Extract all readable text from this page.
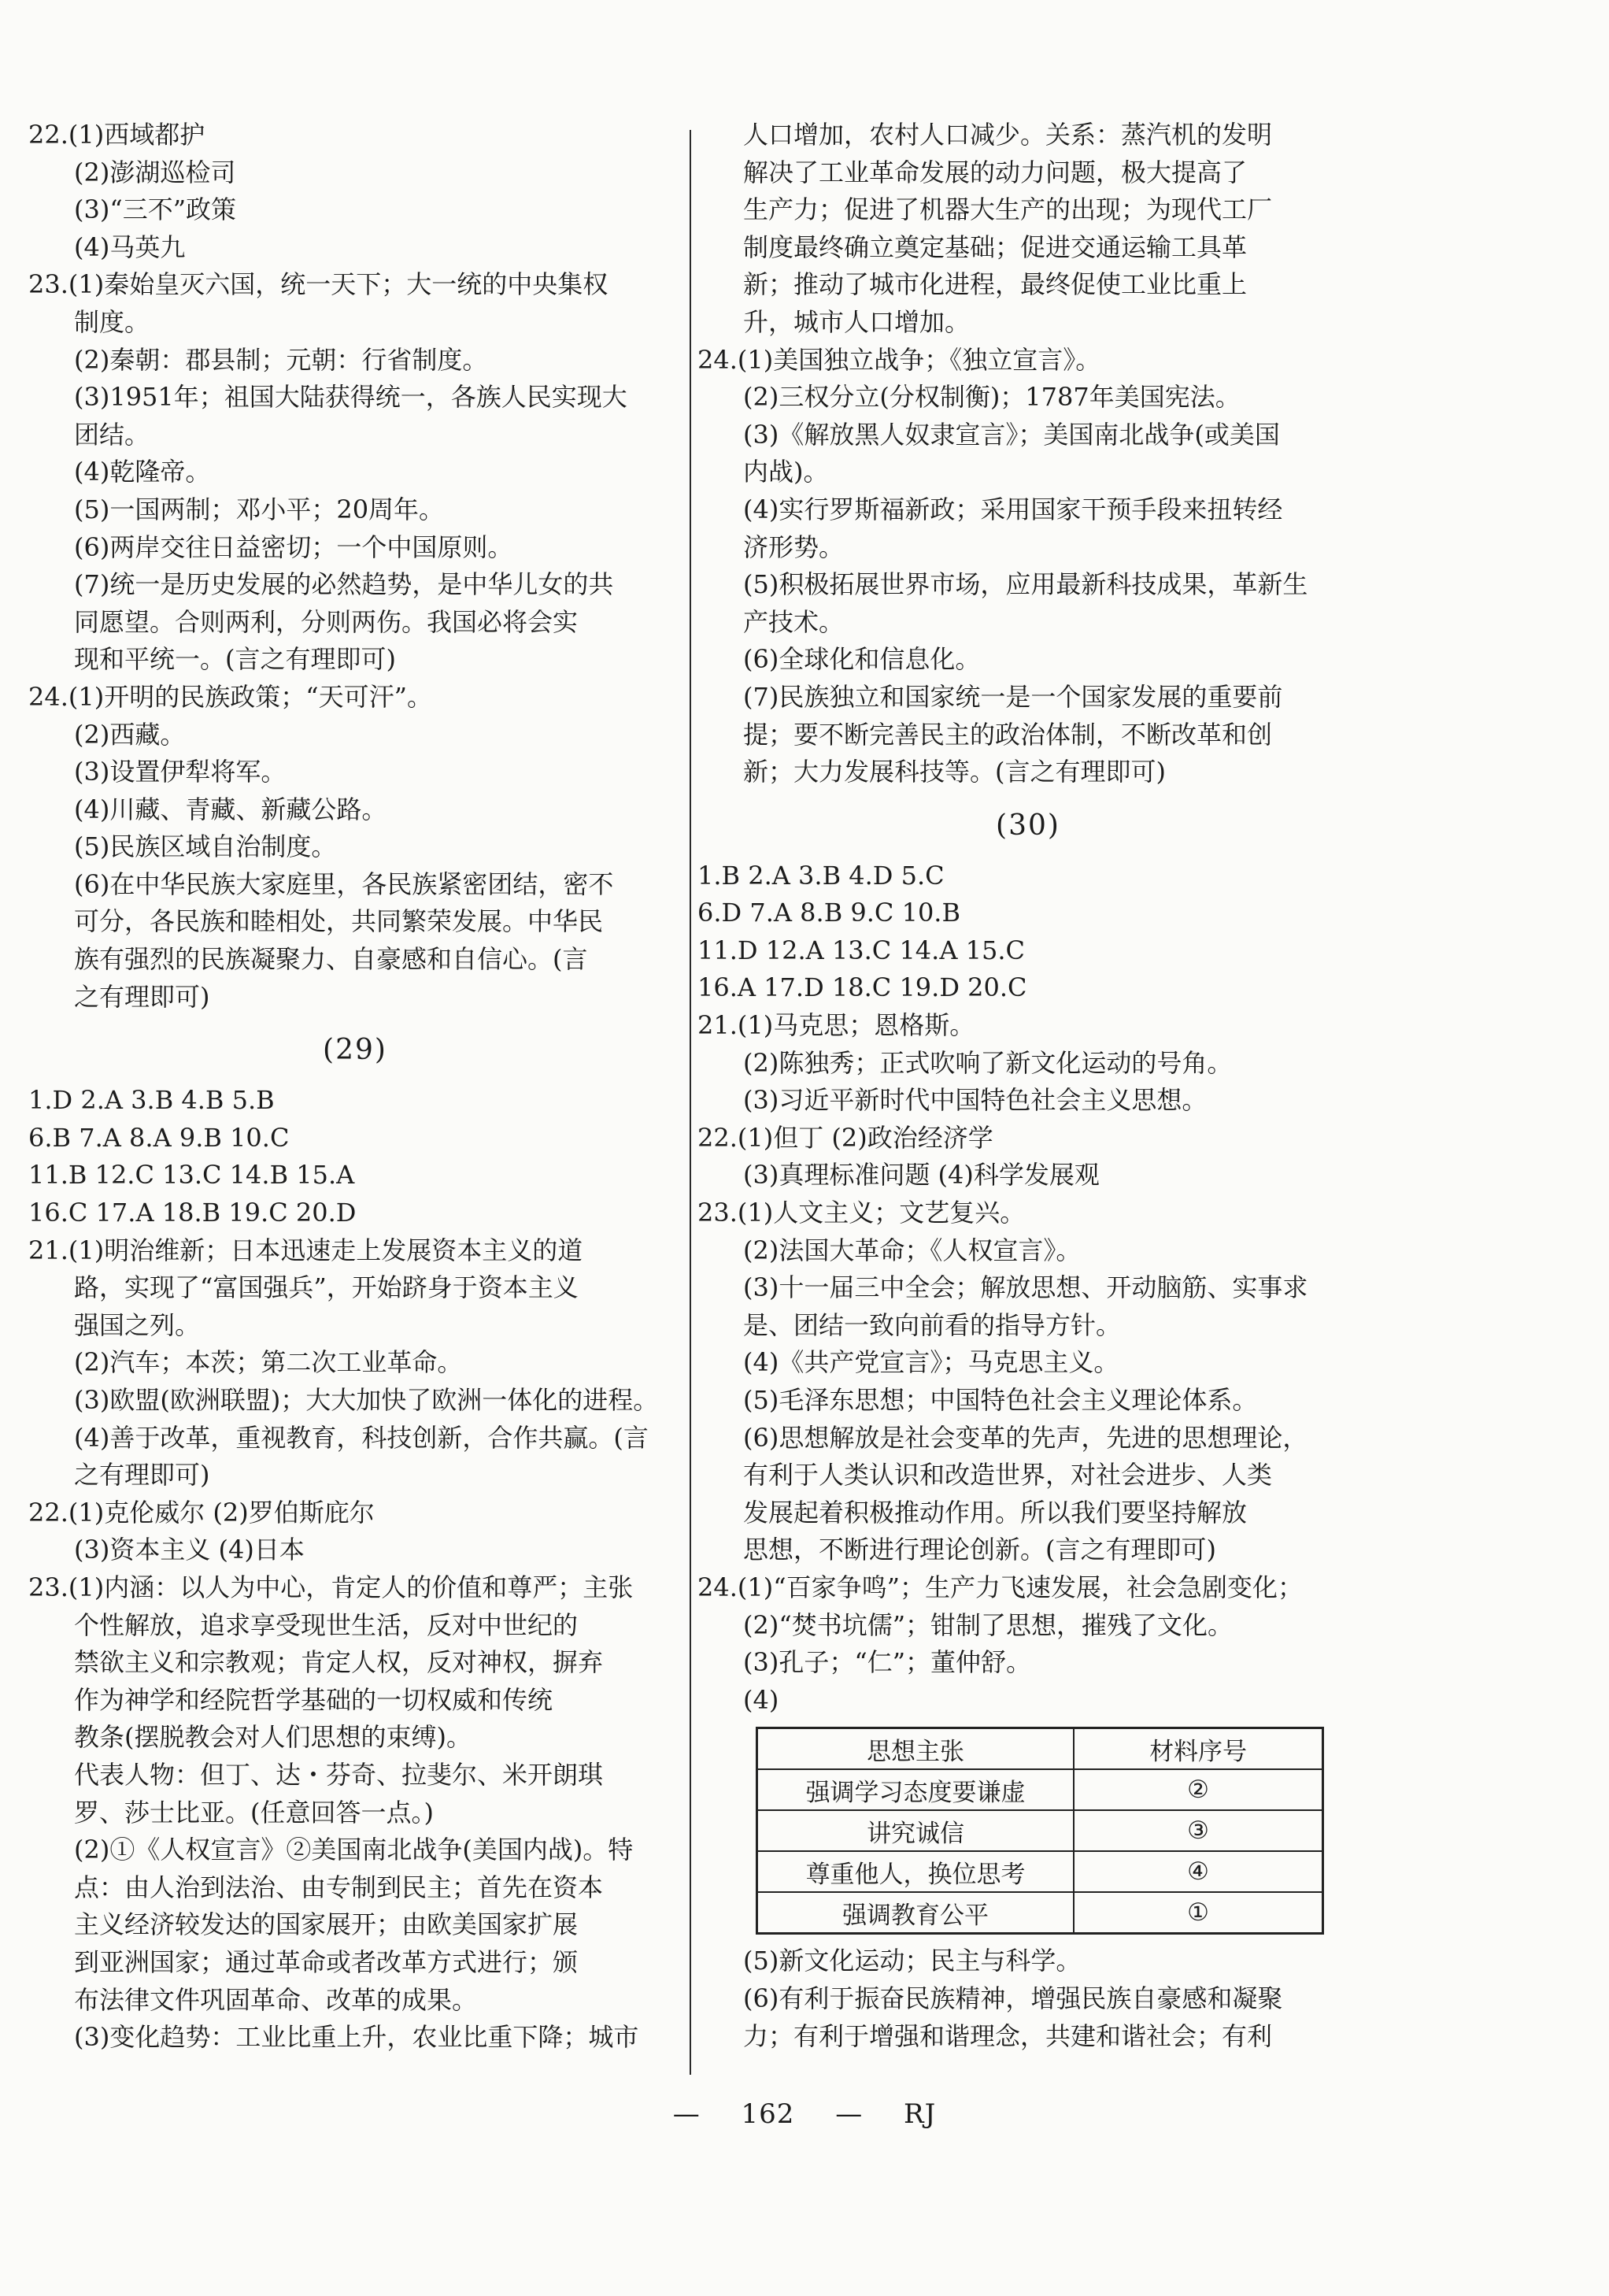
22.(1)西域都护
(2)澎湖巡检司
(3)“三不”政策
(4)马英九
23.(1)秦始皇灭六国，统一天下；大一统的中央集权
制度。
(2)秦朝：郡县制；元朝：行省制度。
(3)1951年；祖国大陆获得统一，各族人民实现大
团结。
(4)乾隆帝。
(5)一国两制；邓小平；20周年。
(6)两岸交往日益密切；一个中国原则。
(7)统一是历史发展的必然趋势，是中华儿女的共
同愿望。合则两利，分则两伤。我国必将会实
现和平统一。(言之有理即可)
24.(1)开明的民族政策；“天可汗”。
(2)西藏。
(3)设置伊犁将军。
(4)川藏、青藏、新藏公路。
(5)民族区域自治制度。
(6)在中华民族大家庭里，各民族紧密团结，密不
可分，各民族和睦相处，共同繁荣发展。中华民
族有强烈的民族凝聚力、自豪感和自信心。(言
之有理即可)
(29)
1.D 2.A 3.B 4.B 5.B
6.B 7.A 8.A 9.B 10.C
11.B 12.C 13.C 14.B 15.A
16.C 17.A 18.B 19.C 20.D
21.(1)明治维新；日本迅速走上发展资本主义的道
路，实现了“富国强兵”，开始跻身于资本主义
强国之列。
(2)汽车；本茨；第二次工业革命。
(3)欧盟(欧洲联盟)；大大加快了欧洲一体化的进程。
(4)善于改革，重视教育，科技创新，合作共赢。(言
之有理即可)
22.(1)克伦威尔 (2)罗伯斯庇尔
(3)资本主义 (4)日本
23.(1)内涵：以人为中心，肯定人的价值和尊严；主张
个性解放，追求享受现世生活，反对中世纪的
禁欲主义和宗教观；肯定人权，反对神权，摒弃
作为神学和经院哲学基础的一切权威和传统
教条(摆脱教会对人们思想的束缚)。
代表人物：但丁、达・芬奇、拉斐尔、米开朗琪
罗、莎士比亚。(任意回答一点。)
(2)①《人权宣言》②美国南北战争(美国内战)。特
点：由人治到法治、由专制到民主；首先在资本
主义经济较发达的国家展开；由欧美国家扩展
到亚洲国家；通过革命或者改革方式进行；颁
布法律文件巩固革命、改革的成果。
(3)变化趋势：工业比重上升，农业比重下降；城市
人口增加，农村人口减少。关系：蒸汽机的发明
解决了工业革命发展的动力问题，极大提高了
生产力；促进了机器大生产的出现；为现代工厂
制度最终确立奠定基础；促进交通运输工具革
新；推动了城市化进程，最终促使工业比重上
升，城市人口增加。
24.(1)美国独立战争；《独立宣言》。
(2)三权分立(分权制衡)；1787年美国宪法。
(3)《解放黑人奴隶宣言》；美国南北战争(或美国
内战)。
(4)实行罗斯福新政；采用国家干预手段来扭转经
济形势。
(5)积极拓展世界市场，应用最新科技成果，革新生
产技术。
(6)全球化和信息化。
(7)民族独立和国家统一是一个国家发展的重要前
提；要不断完善民主的政治体制，不断改革和创
新；大力发展科技等。(言之有理即可)
(30)
1.B 2.A 3.B 4.D 5.C
6.D 7.A 8.B 9.C 10.B
11.D 12.A 13.C 14.A 15.C
16.A 17.D 18.C 19.D 20.C
21.(1)马克思；恩格斯。
(2)陈独秀；正式吹响了新文化运动的号角。
(3)习近平新时代中国特色社会主义思想。
22.(1)但丁 (2)政治经济学
(3)真理标准问题 (4)科学发展观
23.(1)人文主义；文艺复兴。
(2)法国大革命；《人权宣言》。
(3)十一届三中全会；解放思想、开动脑筋、实事求
是、团结一致向前看的指导方针。
(4)《共产党宣言》；马克思主义。
(5)毛泽东思想；中国特色社会主义理论体系。
(6)思想解放是社会变革的先声，先进的思想理论，
有利于人类认识和改造世界，对社会进步、人类
发展起着积极推动作用。所以我们要坚持解放
思想，不断进行理论创新。(言之有理即可)
24.(1)“百家争鸣”；生产力飞速发展，社会急剧变化；
(2)“焚书坑儒”；钳制了思想，摧残了文化。
(3)孔子；“仁”；董仲舒。
(4)
思想主张	材料序号
强调学习态度要谦虚	②
讲究诚信	③
尊重他人，换位思考	④
强调教育公平	①
(5)新文化运动；民主与科学。
(6)有利于振奋民族精神，增强民族自豪感和凝聚
力；有利于增强和谐理念，共建和谐社会；有利
— 162 — RJ
